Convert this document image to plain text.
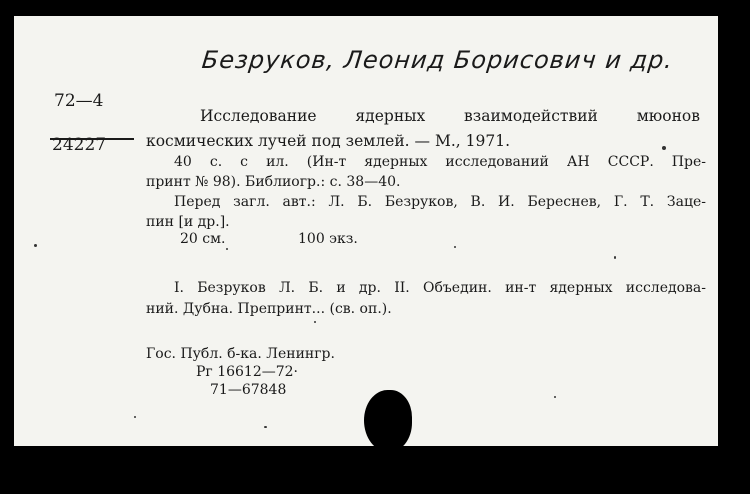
Безруков, Леонид Борисович и др.
72—4
24227
Исследование ядерных взаимодействий мюонов
космических лучей под землей. — М., 1971.
40 с. с ил. (Ин-т ядерных исследований АН СССР. Пре-
принт № 98). Библиогр.: с. 38—40.
Перед загл. авт.: Л. Б. Безруков, В. И. Береснев, Г. Т. Заце-
пин [и др.].
20 см.	100 экз.
I. Безруков Л. Б. и др. II. Объедин. ин-т ядерных исследова-
ний. Дубна. Препринт... (св. оп.).
Гос. Публ. б-ка. Ленингр.
Рг 16612—72·
71—67848
